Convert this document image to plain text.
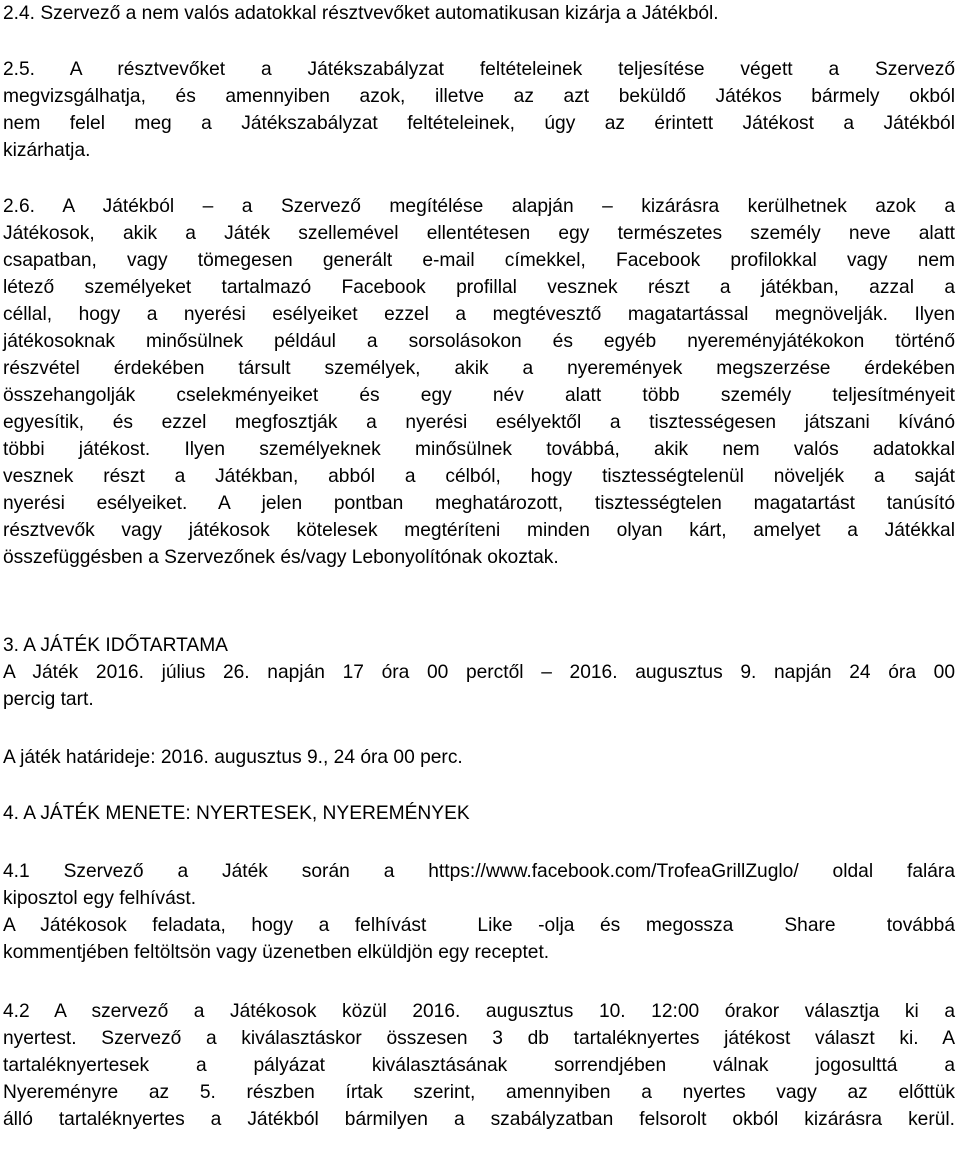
2.4. Szervező a nem valós adatokkal résztvevőket automatikusan kizárja a Játékból.
2.5. A résztvevőket a Játékszabályzat feltételeinek teljesítése végett a Szervező
megvizsgálhatja, és amennyiben azok, illetve az azt beküldő Játékos bármely okból
nem felel meg a Játékszabályzat feltételeinek, úgy az érintett Játékost a Játékból
kizárhatja.
2.6. A Játékból – a Szervező megítélése alapján – kizárásra kerülhetnek azok a
Játékosok, akik a Játék szellemével ellentétesen egy természetes személy neve alatt
csapatban, vagy tömegesen generált e-mail címekkel, Facebook profilokkal vagy nem
létező személyeket tartalmazó Facebook profillal vesznek részt a játékban, azzal a
céllal, hogy a nyerési esélyeiket ezzel a megtévesztő magatartással megnövelják. Ilyen
játékosoknak minősülnek például a sorsolásokon és egyéb nyereményjátékokon történő
részvétel érdekében társult személyek, akik a nyeremények megszerzése érdekében
összehangolják cselekményeiket és egy név alatt több személy teljesítményeit
egyesítik, és ezzel megfosztják a nyerési esélyektől a tisztességesen játszani kívánó
többi játékost. Ilyen személyeknek minősülnek továbbá, akik nem valós adatokkal
vesznek részt a Játékban, abból a célból, hogy tisztességtelenül növeljék a saját
nyerési esélyeiket. A jelen pontban meghatározott, tisztességtelen magatartást tanúsító
résztvevők vagy játékosok kötelesek megtéríteni minden olyan kárt, amelyet a Játékkal
összefüggésben a Szervezőnek és/vagy Lebonyolítónak okoztak.
3. A JÁTÉK IDŐTARTAMA
A Játék 2016. július 26. napján 17 óra 00 perctől – 2016. augusztus 9. napján 24 óra 00
percig tart.
A játék határideje: 2016. augusztus 9., 24 óra 00 perc.
4. A JÁTÉK MENETE: NYERTESEK, NYEREMÉNYEK
4.1 Szervező a Játék során a https://www.facebook.com/TrofeaGrillZuglo/ oldal falára
kiposztol egy felhívást.
A Játékosok feladata, hogy a felhívást  Like -olja és megossza  Share  továbbá
kommentjében feltöltsön vagy üzenetben elküldjön egy receptet.
4.2 A szervező a Játékosok közül 2016. augusztus 10. 12:00 órakor választja ki a
nyertest. Szervező a kiválasztáskor összesen 3 db tartaléknyertes játékost választ ki. A
tartaléknyertesek a pályázat kiválasztásának sorrendjében válnak jogosulttá a
Nyereményre az 5. részben írtak szerint, amennyiben a nyertes vagy az előttük
álló tartaléknyertes a Játékból bármilyen a szabályzatban felsorolt okból kizárásra kerül.
